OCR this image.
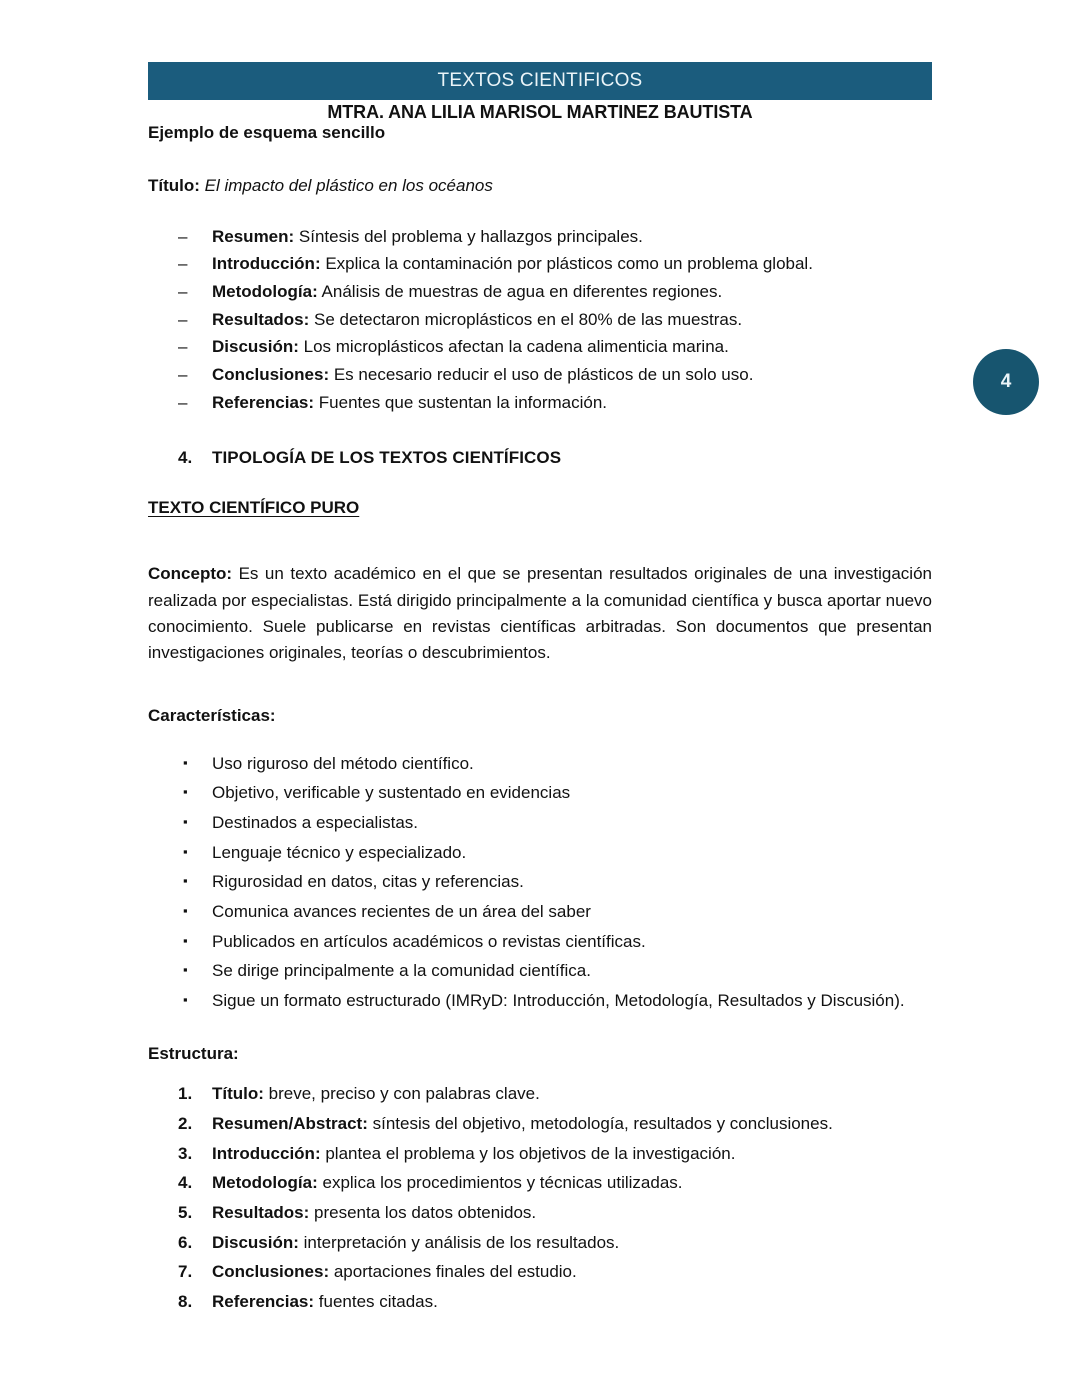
TEXTOS CIENTIFICOS
MTRA. ANA LILIA MARISOL MARTINEZ BAUTISTA
Ejemplo de esquema sencillo

Título: El impacto del plástico en los océanos

– Resumen: Síntesis del problema y hallazgos principales.
– Introducción: Explica la contaminación por plásticos como un problema global.
– Metodología: Análisis de muestras de agua en diferentes regiones.
– Resultados: Se detectaron microplásticos en el 80% de las muestras.
– Discusión: Los microplásticos afectan la cadena alimenticia marina.
– Conclusiones: Es necesario reducir el uso de plásticos de un solo uso.
– Referencias: Fuentes que sustentan la información.
4. TIPOLOGÍA DE LOS TEXTOS CIENTÍFICOS
TEXTO CIENTÍFICO PURO

Concepto: Es un texto académico en el que se presentan resultados originales de una investigación realizada por especialistas. Está dirigido principalmente a la comunidad científica y busca aportar nuevo conocimiento. Suele publicarse en revistas científicas arbitradas. Son documentos que presentan investigaciones originales, teorías o descubrimientos.

Características:
▪ Uso riguroso del método científico.
▪ Objetivo, verificable y sustentado en evidencias
▪ Destinados a especialistas.
▪ Lenguaje técnico y especializado.
▪ Rigurosidad en datos, citas y referencias.
▪ Comunica avances recientes de un área del saber
▪ Publicados en artículos académicos o revistas científicas.
▪ Se dirige principalmente a la comunidad científica.
▪ Sigue un formato estructurado (IMRyD: Introducción, Metodología, Resultados y Discusión).
Estructura:
1. Título: breve, preciso y con palabras clave.
2. Resumen/Abstract: síntesis del objetivo, metodología, resultados y conclusiones.
3. Introducción: plantea el problema y los objetivos de la investigación.
4. Metodología: explica los procedimientos y técnicas utilizadas.
5. Resultados: presenta los datos obtenidos.
6. Discusión: interpretación y análisis de los resultados.
7. Conclusiones: aportaciones finales del estudio.
8. Referencias: fuentes citadas.
4
